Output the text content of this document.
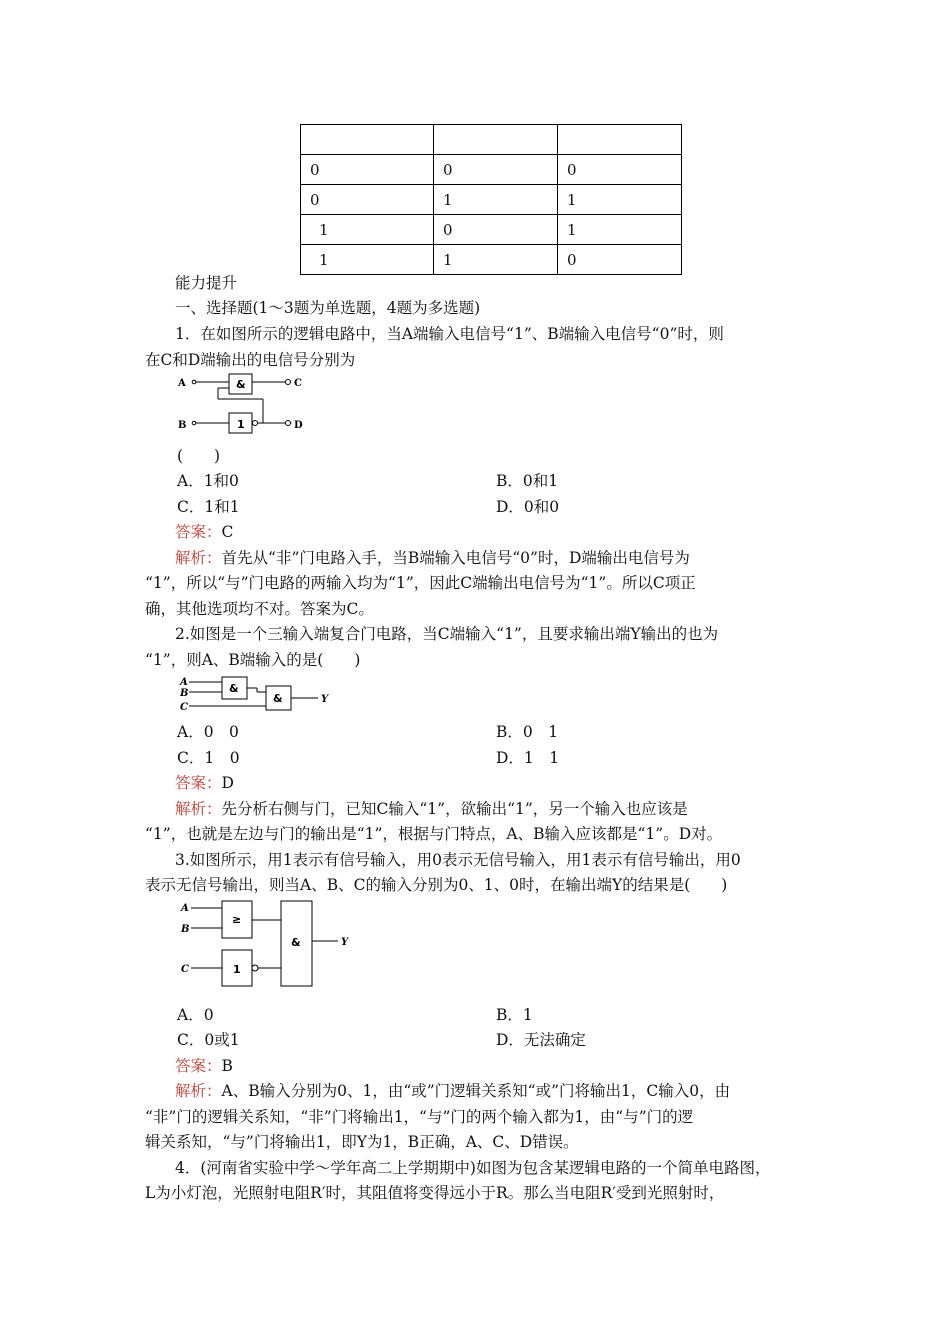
0	0	0
0	1	1
1	0	1
1	1	0
能力提升
一、选择题(1～3题为单选题，4题为多选题)
1．在如图所示的逻辑电路中，当A端输入电信号“1”、B端输入电信号“0”时，则
在C和D端输出的电信号分别为
A
B
C
D
&
1
(　　)
A．1和0	B．0和1
C．1和1	D．0和0
答案：C
解析：首先从“非”门电路入手，当B端输入电信号“0”时，D端输出电信号为
“1”，所以“与”门电路的两输入均为“1”，因此C端输出电信号为“1”。所以C项正
确，其他选项均不对。答案为C。
2.如图是一个三输入端复合门电路，当C端输入“1”，且要求输出端Y输出的也为
“1”，则A、B端输入的是(　　)
A
B
C
Y
&
&
A．0　0	B．0　1
C．1　0	D．1　1
答案：D
解析：先分析右侧与门，已知C输入“1”，欲输出“1”，另一个输入也应该是
“1”，也就是左边与门的输出是“1”，根据与门特点，A、B输入应该都是“1”。D对。
3.如图所示，用1表示有信号输入，用0表示无信号输入，用1表示有信号输出，用0
表示无信号输出，则当A、B、C的输入分别为0、1、0时，在输出端Y的结果是(　　)
A
B
C
Y
≥
1
&
A．0	B．1
C．0或1	D．无法确定
答案：B
解析：A、B输入分别为0、1，由“或”门逻辑关系知“或”门将输出1，C输入0，由
“非”门的逻辑关系知，“非”门将输出1，“与”门的两个输入都为1，由“与”门的逻
辑关系知，“与”门将输出1，即Y为1，B正确，A、C、D错误。
4．(河南省实验中学～学年高二上学期期中)如图为包含某逻辑电路的一个简单电路图，
L为小灯泡，光照射电阻R′时，其阻值将变得远小于R。那么当电阻R′受到光照射时，
